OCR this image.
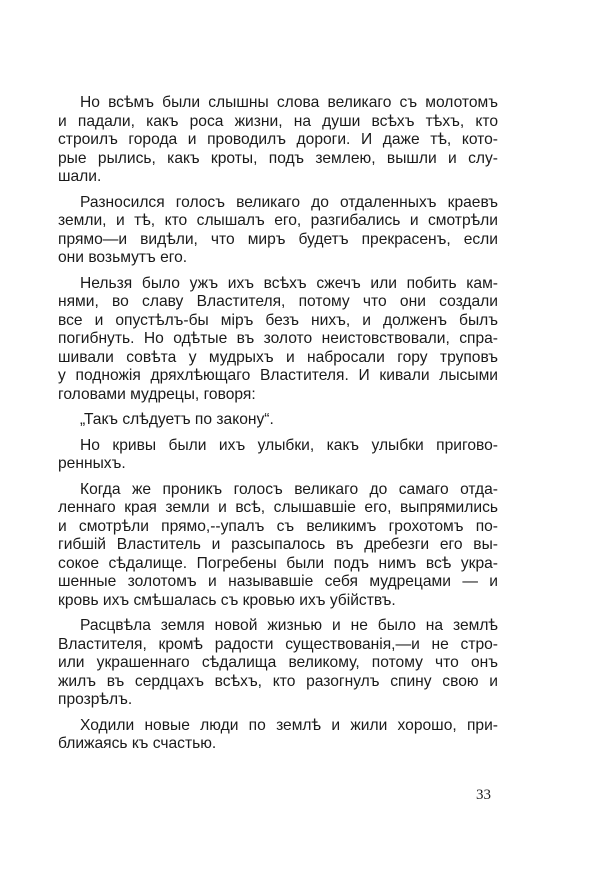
Но всѣмъ были слышны слова великаго съ молотомъ
и падали, какъ роса жизни, на души всѣхъ тѣхъ, кто
строилъ города и проводилъ дороги. И даже тѣ, кото-
рые рылись, какъ кроты, подъ землею, вышли и слу-
шали.
Разносился голосъ великаго до отдаленныхъ краевъ
земли, и тѣ, кто слышалъ его, разгибались и смотрѣли
прямо—и видѣли, что миръ будетъ прекрасенъ, если
они возьмутъ его.
Нельзя было ужъ ихъ всѣхъ сжечъ или побить кам-
нями, во славу Властителя, потому что они создали
все и опустѣлъ-бы міръ безъ нихъ, и долженъ былъ
погибнуть. Но одѣтые въ золото неистовствовали, спра-
шивали совѣта у мудрыхъ и набросали гору труповъ
у подножія дряхлѣющаго Властителя. И кивали лысыми
головами мудрецы, говоря:
„Такъ слѣдуетъ по закону“.
Но кривы были ихъ улыбки, какъ улыбки пригово-
ренныхъ.
Когда же проникъ голосъ великаго до самаго отда-
леннаго края земли и всѣ, слышавшіе его, выпрямились
и смотрѣли прямо,--упалъ съ великимъ грохотомъ по-
гибшій Властитель и разсыпалось въ дребезги его вы-
сокое сѣдалище. Погребены были подъ нимъ всѣ укра-
шенные золотомъ и называвшіе себя мудрецами — и
кровь ихъ смѣшалась съ кровью ихъ убійствъ.
Расцвѣла земля новой жизнью и не было на землѣ
Властителя, кромѣ радости существованія,—и не стро-
или украшеннаго сѣдалища великому, потому что онъ
жилъ въ сердцахъ всѣхъ, кто разогнулъ спину свою и
прозрѣлъ.
Ходили новые люди по землѣ и жили хорошо, при-
ближаясь къ счастью.
33
